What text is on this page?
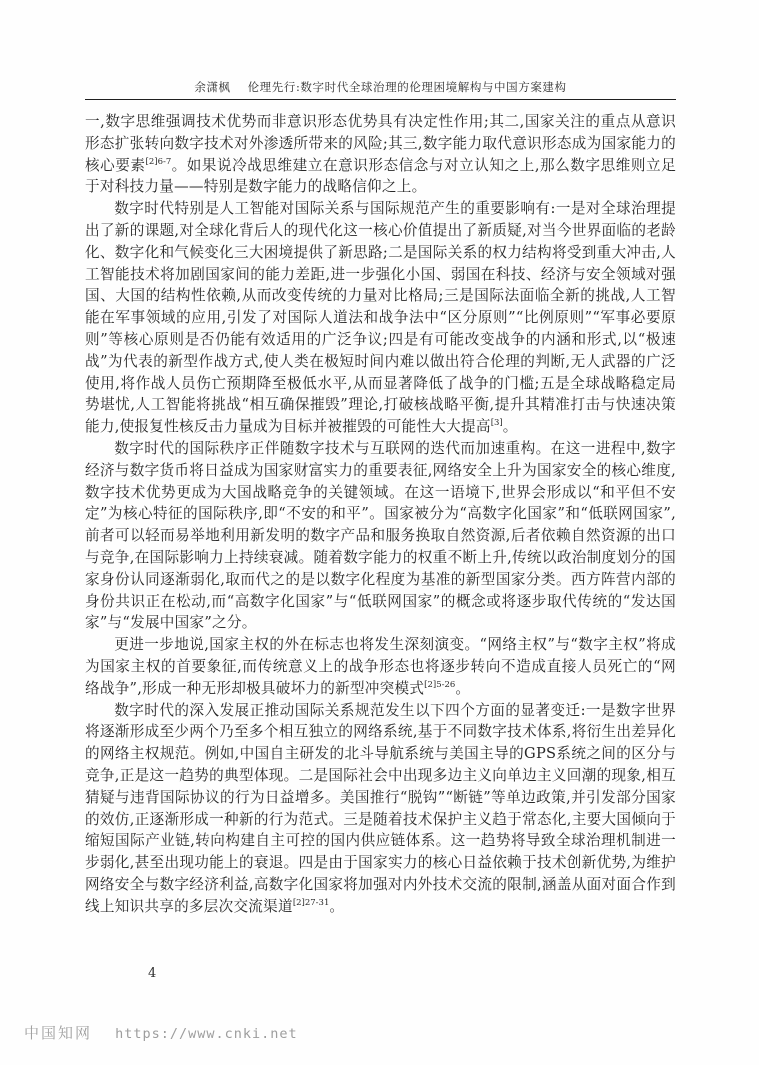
余潇枫 伦理先行:数字时代全球治理的伦理困境解构与中国方案建构

一,数字思维强调技术优势而非意识形态优势具有决定性作用;其二,国家关注的重点从意识形态扩张转向数字技术对外渗透所带来的风险;其三,数字能力取代意识形态成为国家能力的核心要素$^{[2]6-7}$。如果说冷战思维建立在意识形态信念与对立认知之上,那么数字思维则立足于对科技力量——特别是数字能力的战略信仰之上。

数字时代特别是人工智能对国际关系与国际规范产生的重要影响有:一是对全球治理提出了新的课题,对全球化背后人的现代化这一核心价值提出了新质疑,对当今世界面临的老龄化、数字化和气候变化三大困境提供了新思路;二是国际关系的权力结构将受到重大冲击,人工智能技术将加剧国家间的能力差距,进一步强化小国、弱国在科技、经济与安全领域对强国、大国的结构性依赖,从而改变传统的力量对比格局;三是国际法面临全新的挑战,人工智能在军事领域的应用,引发了对国际人道法和战争法中“区分原则”“比例原则”“军事必要原则”等核心原则是否仍能有效适用的广泛争议;四是有可能改变战争的内涵和形式,以“极速战”为代表的新型作战方式,使人类在极短时间内难以做出符合伦理的判断,无人武器的广泛使用,将作战人员伤亡预期降至极低水平,从而显著降低了战争的门槛;五是全球战略稳定局势堪忧,人工智能将挑战“相互确保摧毁”理论,打破核战略平衡,提升其精准打击与快速决策能力,使报复性核反击力量成为目标并被摧毁的可能性大大提高[3]。

数字时代的国际秩序正伴随数字技术与互联网的迭代而加速重构。在这一进程中,数字经济与数字货币将日益成为国家财富实力的重要表征,网络安全上升为国家安全的核心维度,数字技术优势更成为大国战略竞争的关键领域。在这一语境下,世界会形成以“和平但不安定”为核心特征的国际秩序,即“不安的和平”。国家被分为“高数字化国家”和“低联网国家”,前者可以轻而易举地利用新发明的数字产品和服务换取自然资源,后者依赖自然资源的出口与竞争,在国际影响力上持续衰减。随着数字能力的权重不断上升,传统以政治制度划分的国家身份认同逐渐弱化,取而代之的是以数字化程度为基准的新型国家分类。西方阵营内部的身份共识正在松动,而“高数字化国家”与“低联网国家”的概念或将逐步取代传统的“发达国家”与“发展中国家”之分。

更进一步地说,国家主权的外在标志也将发生深刻演变。“网络主权”与“数字主权”将成为国家主权的首要象征,而传统意义上的战争形态也将逐步转向不造成直接人员死亡的“网络战争”,形成一种无形却极具破坏力的新型冲突模式$^{[2]5-26}$。

数字时代的深入发展正推动国际关系规范发生以下四个方面的显著变迁:一是数字世界将逐渐形成至少两个乃至多个相互独立的网络系统,基于不同数字技术体系,将衍生出差异化的网络主权规范。例如,中国自主研发的北斗导航系统与美国主导的GPS系统之间的区分与竞争,正是这一趋势的典型体现。二是国际社会中出现多边主义向单边主义回潮的现象,相互猜疑与违背国际协议的行为日益增多。美国推行“脱钩”“断链”等单边政策,并引发部分国家的效仿,正逐渐形成一种新的行为范式。三是随着技术保护主义趋于常态化,主要大国倾向于缩短国际产业链,转向构建自主可控的国内供应链体系。这一趋势将导致全球治理机制进一步弱化,甚至出现功能上的衰退。四是由于国家实力的核心日益依赖于技术创新优势,为维护网络安全与数字经济利益,高数字化国家将加强对内外技术交流的限制,涵盖从面对面合作到线上知识共享的多层次交流渠道$^{[2]27-31}$。

4
中国知网 https://www.cnki.net
